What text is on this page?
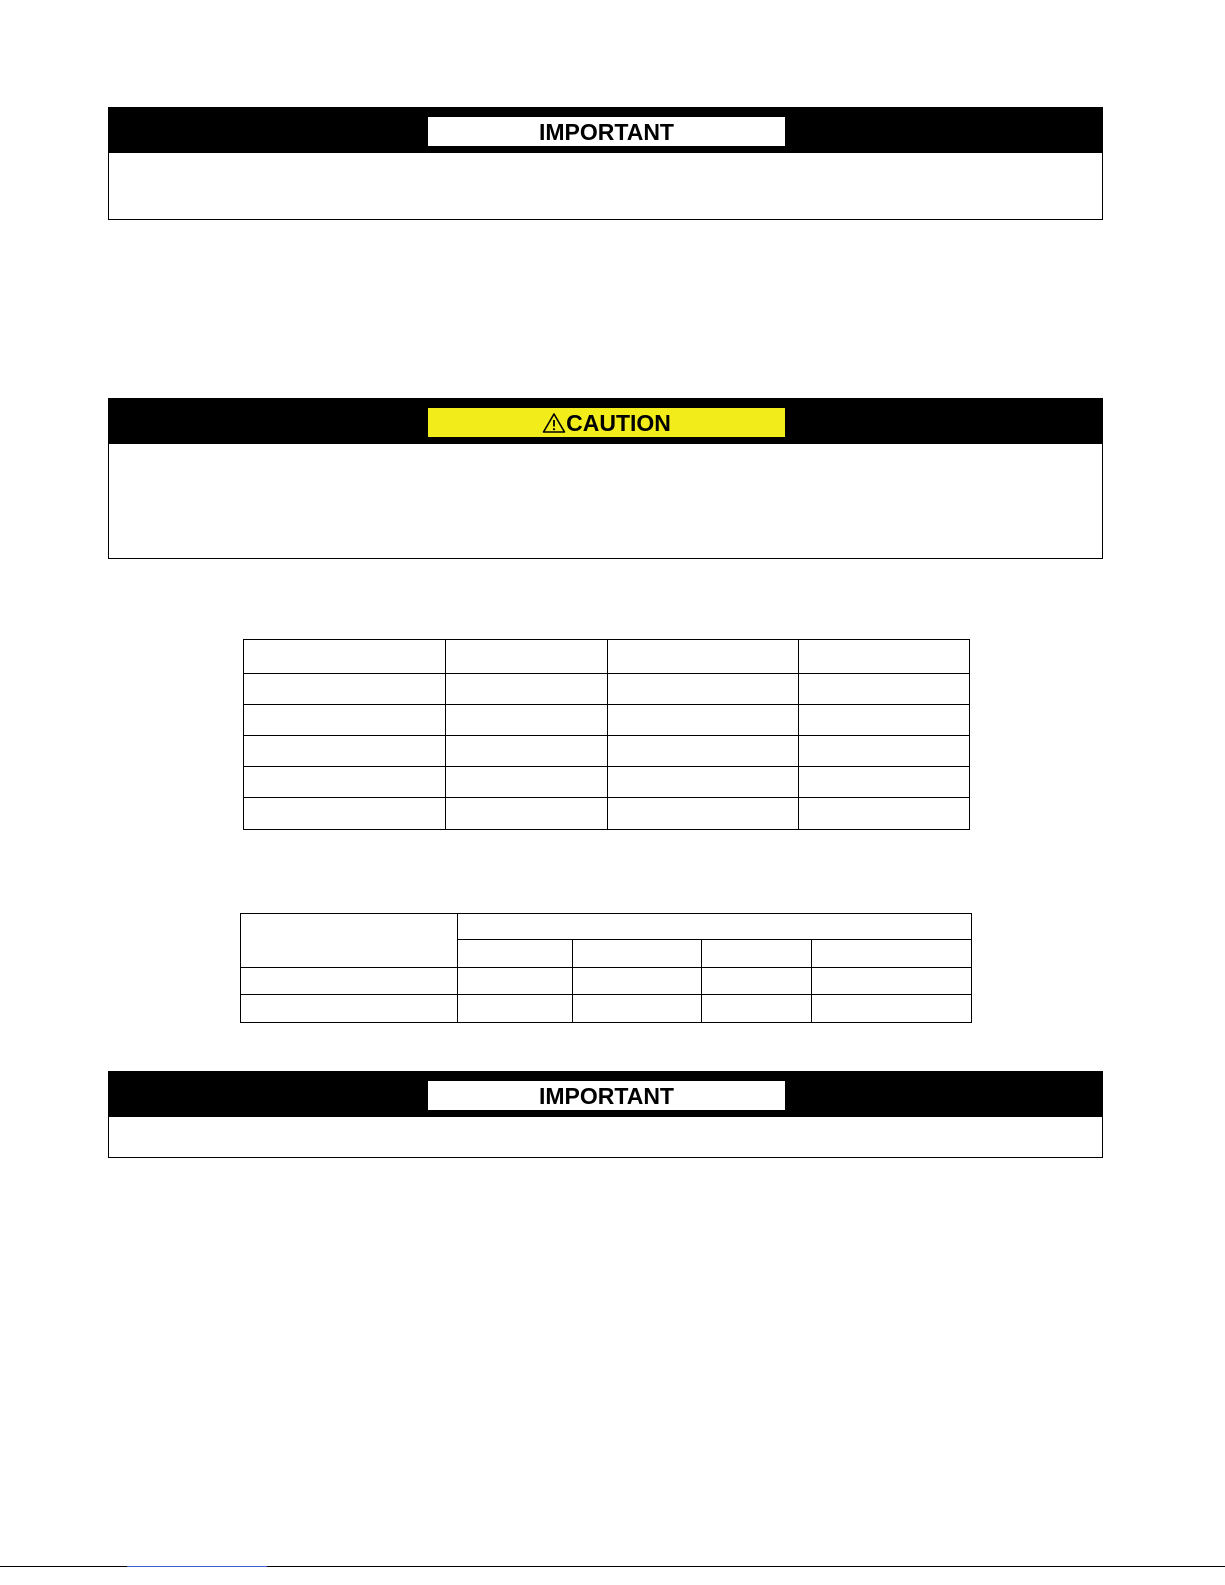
IMPORTANT
CAUTION

IMPORTANT
